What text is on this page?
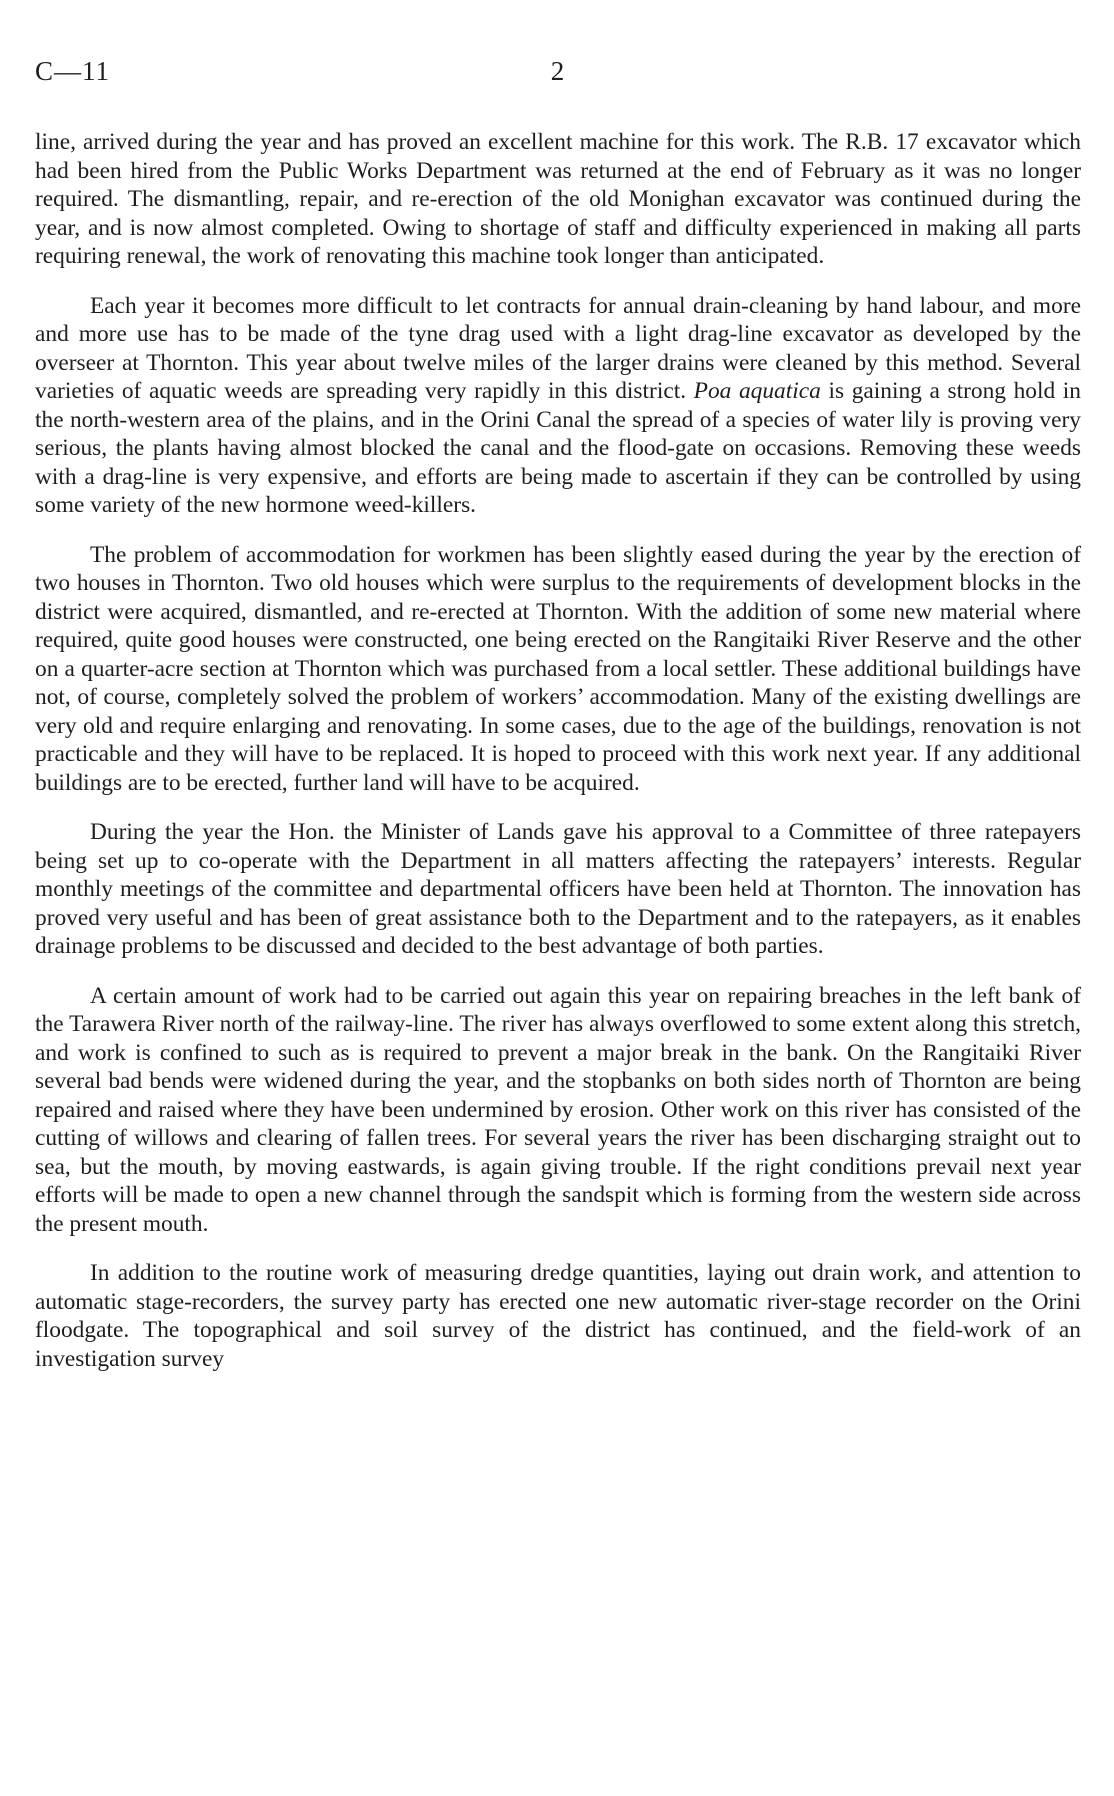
C—11	2

line, arrived during the year and has proved an excellent machine for this work. The R.B. 17 excavator which had been hired from the Public Works Department was returned at the end of February as it was no longer required. The dismantling, repair, and re-erection of the old Monighan excavator was continued during the year, and is now almost completed. Owing to shortage of staff and difficulty experienced in making all parts requiring renewal, the work of renovating this machine took longer than anticipated.

Each year it becomes more difficult to let contracts for annual drain-cleaning by hand labour, and more and more use has to be made of the tyne drag used with a light drag-line excavator as developed by the overseer at Thornton. This year about twelve miles of the larger drains were cleaned by this method. Several varieties of aquatic weeds are spreading very rapidly in this district. Poa aquatica is gaining a strong hold in the north-western area of the plains, and in the Orini Canal the spread of a species of water lily is proving very serious, the plants having almost blocked the canal and the flood-gate on occasions. Removing these weeds with a drag-line is very expensive, and efforts are being made to ascertain if they can be controlled by using some variety of the new hormone weed-killers.

The problem of accommodation for workmen has been slightly eased during the year by the erection of two houses in Thornton. Two old houses which were surplus to the requirements of development blocks in the district were acquired, dismantled, and re-erected at Thornton. With the addition of some new material where required, quite good houses were constructed, one being erected on the Rangitaiki River Reserve and the other on a quarter-acre section at Thornton which was purchased from a local settler. These additional buildings have not, of course, completely solved the problem of workers’ accommodation. Many of the existing dwellings are very old and require enlarging and renovating. In some cases, due to the age of the buildings, renovation is not practicable and they will have to be replaced. It is hoped to proceed with this work next year. If any additional buildings are to be erected, further land will have to be acquired.

During the year the Hon. the Minister of Lands gave his approval to a Committee of three ratepayers being set up to co-operate with the Department in all matters affecting the ratepayers’ interests. Regular monthly meetings of the committee and departmental officers have been held at Thornton. The innovation has proved very useful and has been of great assistance both to the Department and to the ratepayers, as it enables drainage problems to be discussed and decided to the best advantage of both parties.

A certain amount of work had to be carried out again this year on repairing breaches in the left bank of the Tarawera River north of the railway-line. The river has always overflowed to some extent along this stretch, and work is confined to such as is required to prevent a major break in the bank. On the Rangitaiki River several bad bends were widened during the year, and the stopbanks on both sides north of Thornton are being repaired and raised where they have been undermined by erosion. Other work on this river has consisted of the cutting of willows and clearing of fallen trees. For several years the river has been discharging straight out to sea, but the mouth, by moving eastwards, is again giving trouble. If the right conditions prevail next year efforts will be made to open a new channel through the sandspit which is forming from the western side across the present mouth.

In addition to the routine work of measuring dredge quantities, laying out drain work, and attention to automatic stage-recorders, the survey party has erected one new automatic river-stage recorder on the Orini floodgate. The topographical and soil survey of the district has continued, and the field-work of an investigation survey
